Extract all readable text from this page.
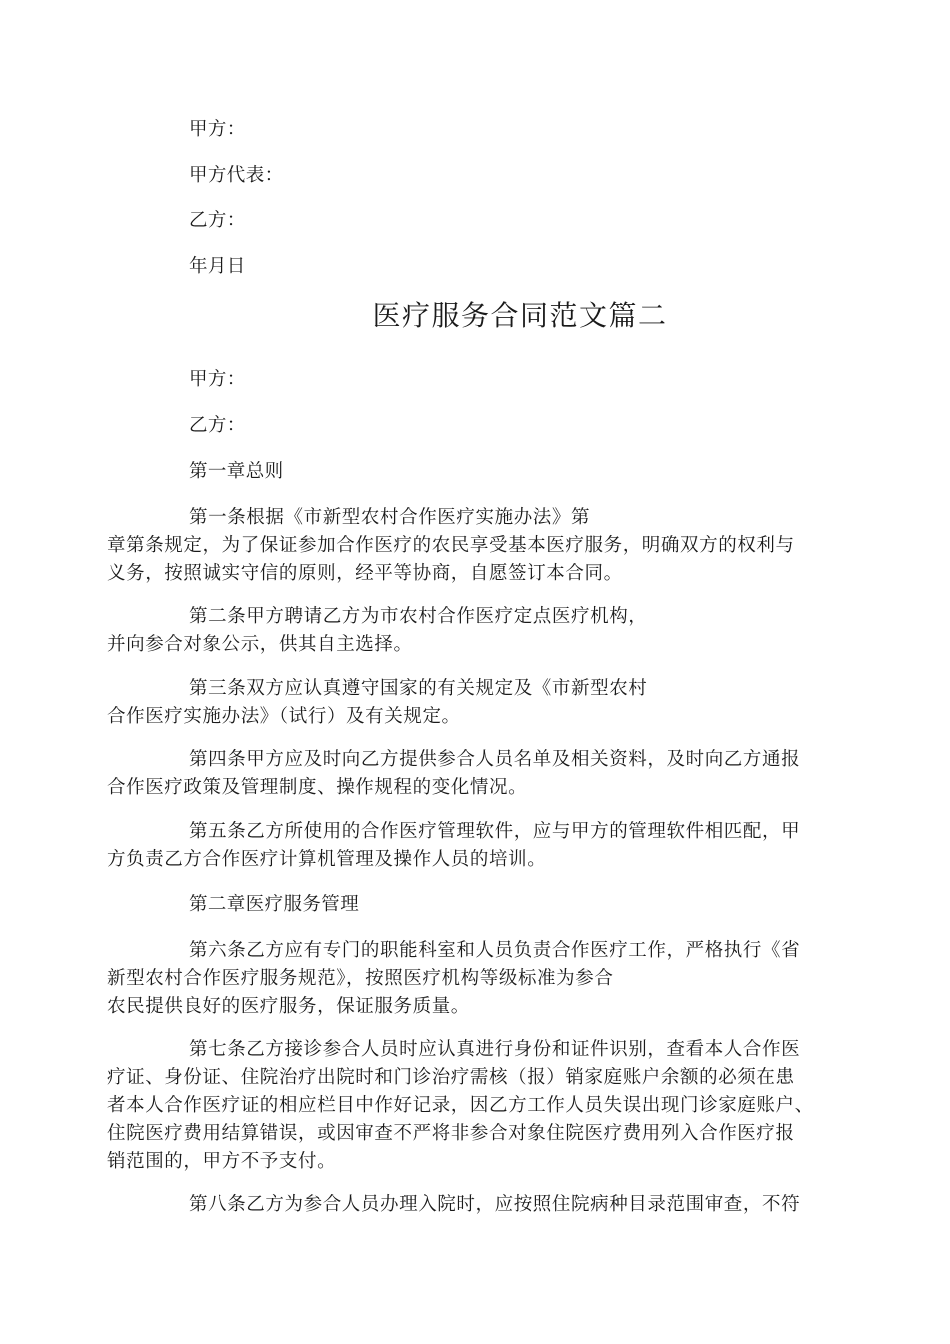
甲方：
甲方代表：
乙方：
年月日
医疗服务合同范文篇二
甲方：
乙方：
第一章总则
第一条根据《市新型农村合作医疗实施办法》第
章第条规定，为了保证参加合作医疗的农民享受基本医疗服务，明确双方的权利与
义务，按照诚实守信的原则，经平等协商，自愿签订本合同。
第二条甲方聘请乙方为市农村合作医疗定点医疗机构，
并向参合对象公示，供其自主选择。
第三条双方应认真遵守国家的有关规定及《市新型农村
合作医疗实施办法》（试行）及有关规定。
第四条甲方应及时向乙方提供参合人员名单及相关资料，及时向乙方通报
合作医疗政策及管理制度、操作规程的变化情况。
第五条乙方所使用的合作医疗管理软件，应与甲方的管理软件相匹配，甲
方负责乙方合作医疗计算机管理及操作人员的培训。
第二章医疗服务管理
第六条乙方应有专门的职能科室和人员负责合作医疗工作，严格执行《省
新型农村合作医疗服务规范》，按照医疗机构等级标准为参合
农民提供良好的医疗服务，保证服务质量。
第七条乙方接诊参合人员时应认真进行身份和证件识别，查看本人合作医
疗证、身份证、住院治疗出院时和门诊治疗需核（报）销家庭账户余额的必须在患
者本人合作医疗证的相应栏目中作好记录，因乙方工作人员失误出现门诊家庭账户、
住院医疗费用结算错误，或因审查不严将非参合对象住院医疗费用列入合作医疗报
销范围的，甲方不予支付。
第八条乙方为参合人员办理入院时，应按照住院病种目录范围审查，不符
